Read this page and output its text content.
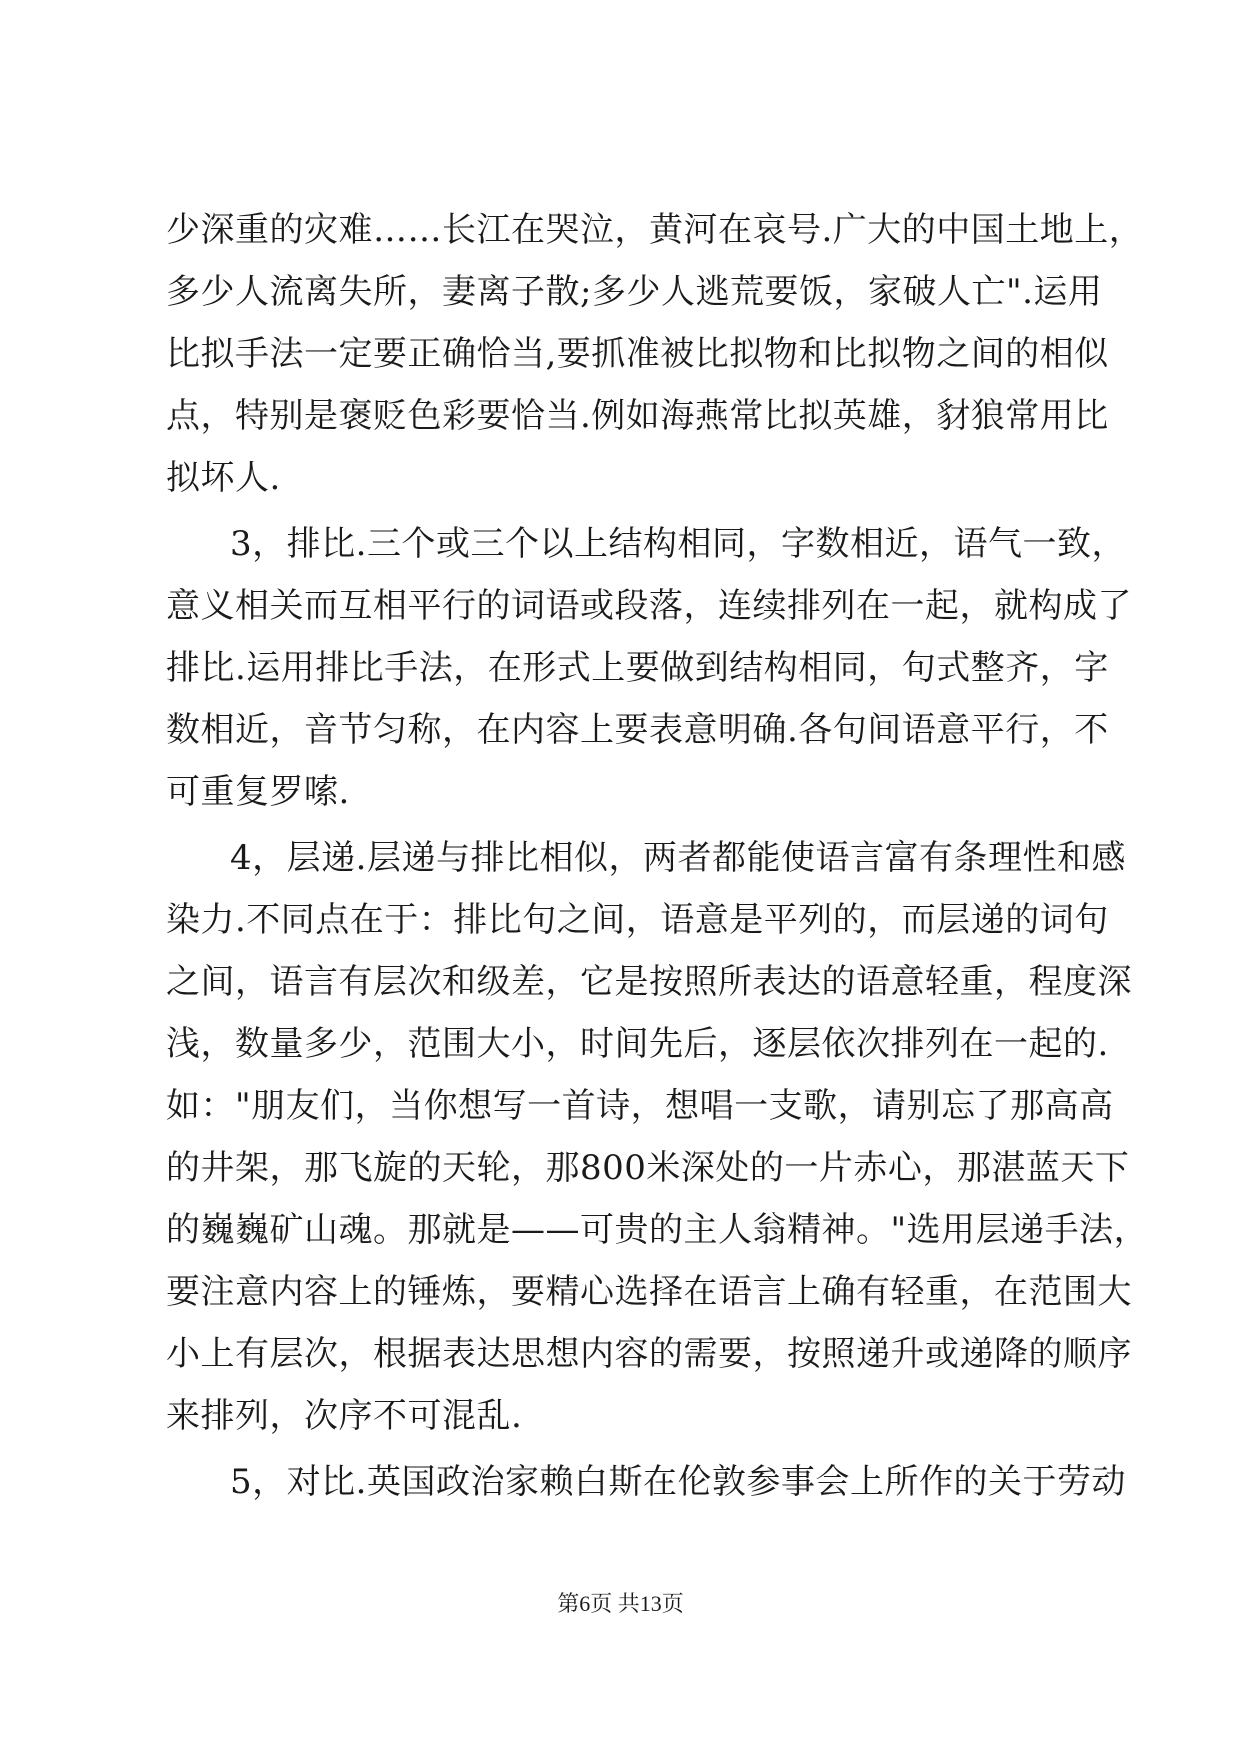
少深重的灾难……长江在哭泣，黄河在哀号.广大的中国土地上，

多少人流离失所，妻离子散;多少人逃荒要饭，家破人亡".运用

比拟手法一定要正确恰当,要抓准被比拟物和比拟物之间的相似

点，特别是褒贬色彩要恰当.例如海燕常比拟英雄，豺狼常用比

拟坏人.

3，排比.三个或三个以上结构相同，字数相近，语气一致，

意义相关而互相平行的词语或段落，连续排列在一起，就构成了

排比.运用排比手法，在形式上要做到结构相同，句式整齐，字

数相近，音节匀称，在内容上要表意明确.各句间语意平行，不

可重复罗嗦.

4，层递.层递与排比相似，两者都能使语言富有条理性和感

染力.不同点在于：排比句之间，语意是平列的，而层递的词句

之间，语言有层次和级差，它是按照所表达的语意轻重，程度深

浅，数量多少，范围大小，时间先后，逐层依次排列在一起的.

如："朋友们，当你想写一首诗，想唱一支歌，请别忘了那高高

的井架，那飞旋的天轮，那800米深处的一片赤心，那湛蓝天下

的巍巍矿山魂。那就是——可贵的主人翁精神。"选用层递手法，

要注意内容上的锤炼，要精心选择在语言上确有轻重，在范围大

小上有层次，根据表达思想内容的需要，按照递升或递降的顺序

来排列，次序不可混乱.

5，对比.英国政治家赖白斯在伦敦参事会上所作的关于劳动

第6页 共13页
